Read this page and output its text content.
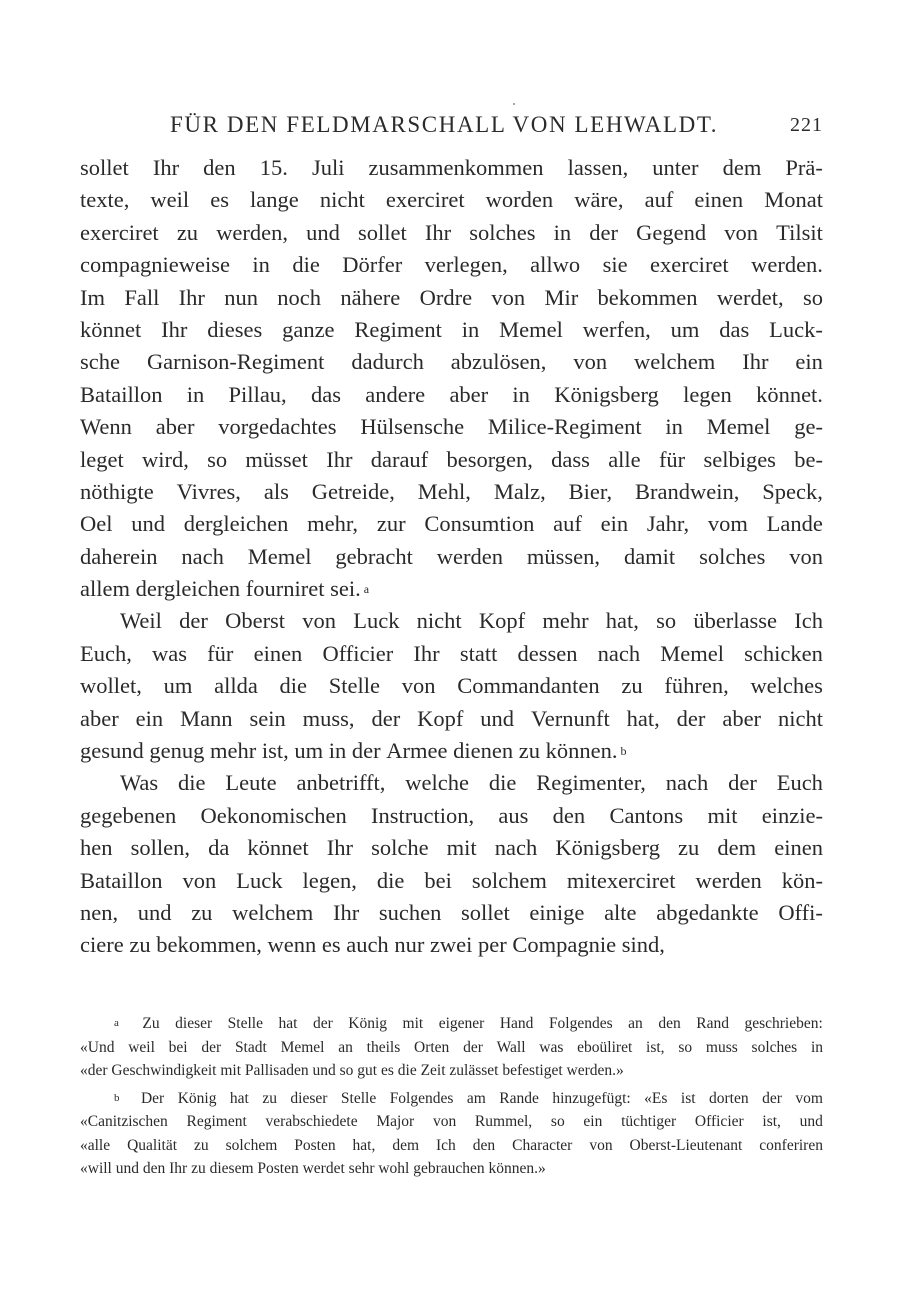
FÜR DEN FELDMARSCHALL VON LEHWALDT.	221
sollet Ihr den 15. Juli zusammenkommen lassen, unter dem Prä-
texte, weil es lange nicht exerciret worden wäre, auf einen Monat
exerciret zu werden, und sollet Ihr solches in der Gegend von Tilsit
compagnieweise in die Dörfer verlegen, allwo sie exerciret werden.
Im Fall Ihr nun noch nähere Ordre von Mir bekommen werdet, so
könnet Ihr dieses ganze Regiment in Memel werfen, um das Luck-
sche Garnison-Regiment dadurch abzulösen, von welchem Ihr ein
Bataillon in Pillau, das andere aber in Königsberg legen könnet.
Wenn aber vorgedachtes Hülsensche Milice-Regiment in Memel ge-
leget wird, so müsset Ihr darauf besorgen, dass alle für selbiges be-
nöthigte Vivres, als Getreide, Mehl, Malz, Bier, Brandwein, Speck,
Oel und dergleichen mehr, zur Consumtion auf ein Jahr, vom Lande
daherein nach Memel gebracht werden müssen, damit solches von
allem dergleichen fourniret sei. a
Weil der Oberst von Luck nicht Kopf mehr hat, so überlasse Ich
Euch, was für einen Officier Ihr statt dessen nach Memel schicken
wollet, um allda die Stelle von Commandanten zu führen, welches
aber ein Mann sein muss, der Kopf und Vernunft hat, der aber nicht
gesund genug mehr ist, um in der Armee dienen zu können. b
Was die Leute anbetrifft, welche die Regimenter, nach der Euch
gegebenen Oekonomischen Instruction, aus den Cantons mit einzie-
hen sollen, da könnet Ihr solche mit nach Königsberg zu dem einen
Bataillon von Luck legen, die bei solchem mitexerciret werden kön-
nen, und zu welchem Ihr suchen sollet einige alte abgedankte Offi-
ciere zu bekommen, wenn es auch nur zwei per Compagnie sind,
a Zu dieser Stelle hat der König mit eigener Hand Folgendes an den Rand geschrieben:
«Und weil bei der Stadt Memel an theils Orten der Wall was eboüliret ist, so muss solches in
«der Geschwindigkeit mit Pallisaden und so gut es die Zeit zulässet befestiget werden.»
b Der König hat zu dieser Stelle Folgendes am Rande hinzugefügt: «Es ist dorten der vom
«Canitzischen Regiment verabschiedete Major von Rummel, so ein tüchtiger Officier ist, und
«alle Qualität zu solchem Posten hat, dem Ich den Character von Oberst-Lieutenant conferiren
«will und den Ihr zu diesem Posten werdet sehr wohl gebrauchen können.»
